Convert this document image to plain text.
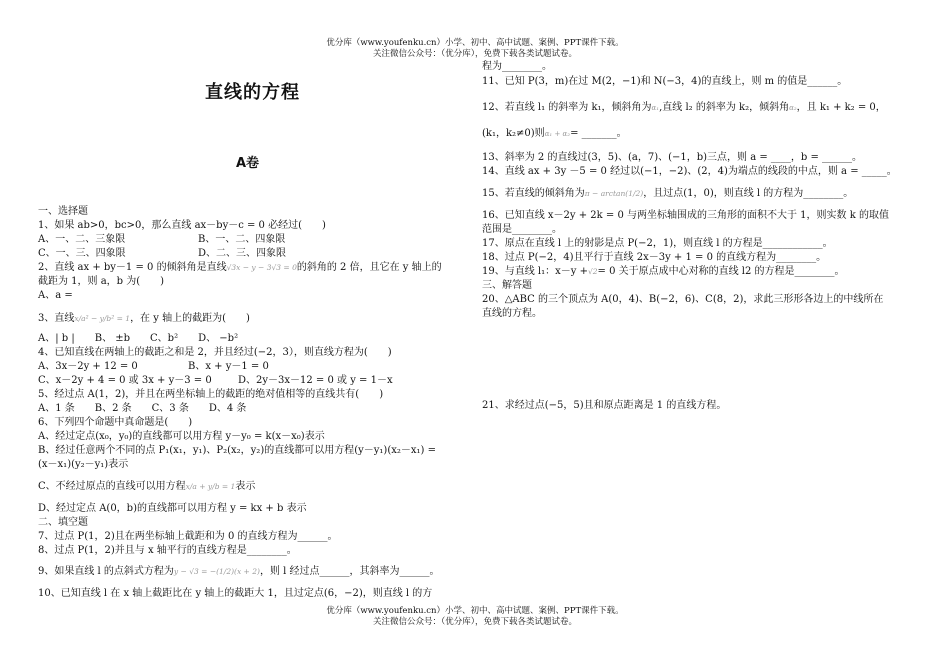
优分库（www.youfenku.cn）小学、初中、高中试题、案例、PPT课件下载。
关注微信公众号：（优分库），免费下载各类试题试卷。
直线的方程
A卷

一、选择题

1、如果 ab>0，bc>0，那么直线 ax－by－c = 0 必经过(　　)

A、一、二、三象限	B、一、二、四象限

C、一、三、四象限	D、二、三、四象限

2、直线 ax + by－1 = 0 的倾斜角是直线√3x − y − 3√3 = 0的斜角的 2 倍，且它在 y 轴上的

截距为 1，则 a，b 为(　　)

A、a =

3、直线x/a² − y/b² = 1，在 y 轴上的截距为(　　)

A、| b |　　B、 ±b　　C、b²　　D、 −b²

4、已知直线在两轴上的截距之和是 2，并且经过(−2，3），则直线方程为(　　)

A、3x－2y + 12 = 0	B、x + y－1 = 0

C、x－2y + 4 = 0 或 3x + y－3 = 0	D、2y－3x－12 = 0 或 y = 1－x

5、经过点 A(1，2)，并且在两坐标轴上的截距的绝对值相等的直线共有(　　)

A、1 条　　B、2 条　　C、3 条　　D、4 条

6、下列四个命题中真命题是(　　)

A、经过定点(x₀，y₀)的直线都可以用方程 y－y₀ = k(x－x₀)表示

B、经过任意两个不同的点 P₁(x₁，y₁)、P₂(x₂，y₂)的直线都可以用方程(y－y₁)(x₂－x₁) =

(x－x₁)(y₂－y₁)表示

C、不经过原点的直线可以用方程x/a + y/b = 1表示

D、经过定点 A(0，b)的直线都可以用方程 y = kx + b 表示

二、填空题

7、过点 P(1，2)且在两坐标轴上截距和为 0 的直线方程为______。

8、过点 P(1，2)并且与 x 轴平行的直线方程是________。

9、如果直线 l 的点斜式方程为y − √3 = −(1/2)(x + 2)，则 l 经过点______，其斜率为______。

10、已知直线 l 在 x 轴上截距比在 y 轴上的截距大 1，且过定点(6，−2)，则直线 l 的方

程为________。

11、已知 P(3，m)在过 M(2，−1)和 N(−3，4)的直线上，则 m 的值是______。

12、若直线 l₁ 的斜率为 k₁，倾斜角为α₁,直线 l₂ 的斜率为 k₂，倾斜角α₂，且 k₁ + k₂ = 0，

(k₁，k₂≠0)则α₁ + α₂= _______。

13、斜率为 2 的直线过(3，5)、(a，7)、(−1，b)三点，则 a = ____，b = ______。

14、直线 ax + 3y －5 = 0 经过以(−1，−2)、(2，4)为端点的线段的中点，则 a = _____。

15、若直线的倾斜角为π − arctan(1/2)，且过点(1，0)，则直线 l 的方程为________。

16、已知直线 x－2y + 2k = 0 与两坐标轴围成的三角形的面积不大于 1，则实数 k 的取值

范围是________。

17、原点在直线 l 上的射影是点 P(−2，1)，则直线 l 的方程是____________。

18、过点 P(−2，4)且平行于直线 2x－3y + 1 = 0 的直线方程为________。

19、与直线 l₁：x－y +√2= 0 关于原点成中心对称的直线 l2 的方程是________。

三、解答题

20、△ABC 的三个顶点为 A(0，4)、B(−2，6)、C(8，2)，求此三形形各边上的中线所在

直线的方程。

21、求经过点(−5，5)且和原点距离是 1 的直线方程。

优分库（www.youfenku.cn）小学、初中、高中试题、案例、PPT课件下载。
关注微信公众号：（优分库），免费下载各类试题试卷。
